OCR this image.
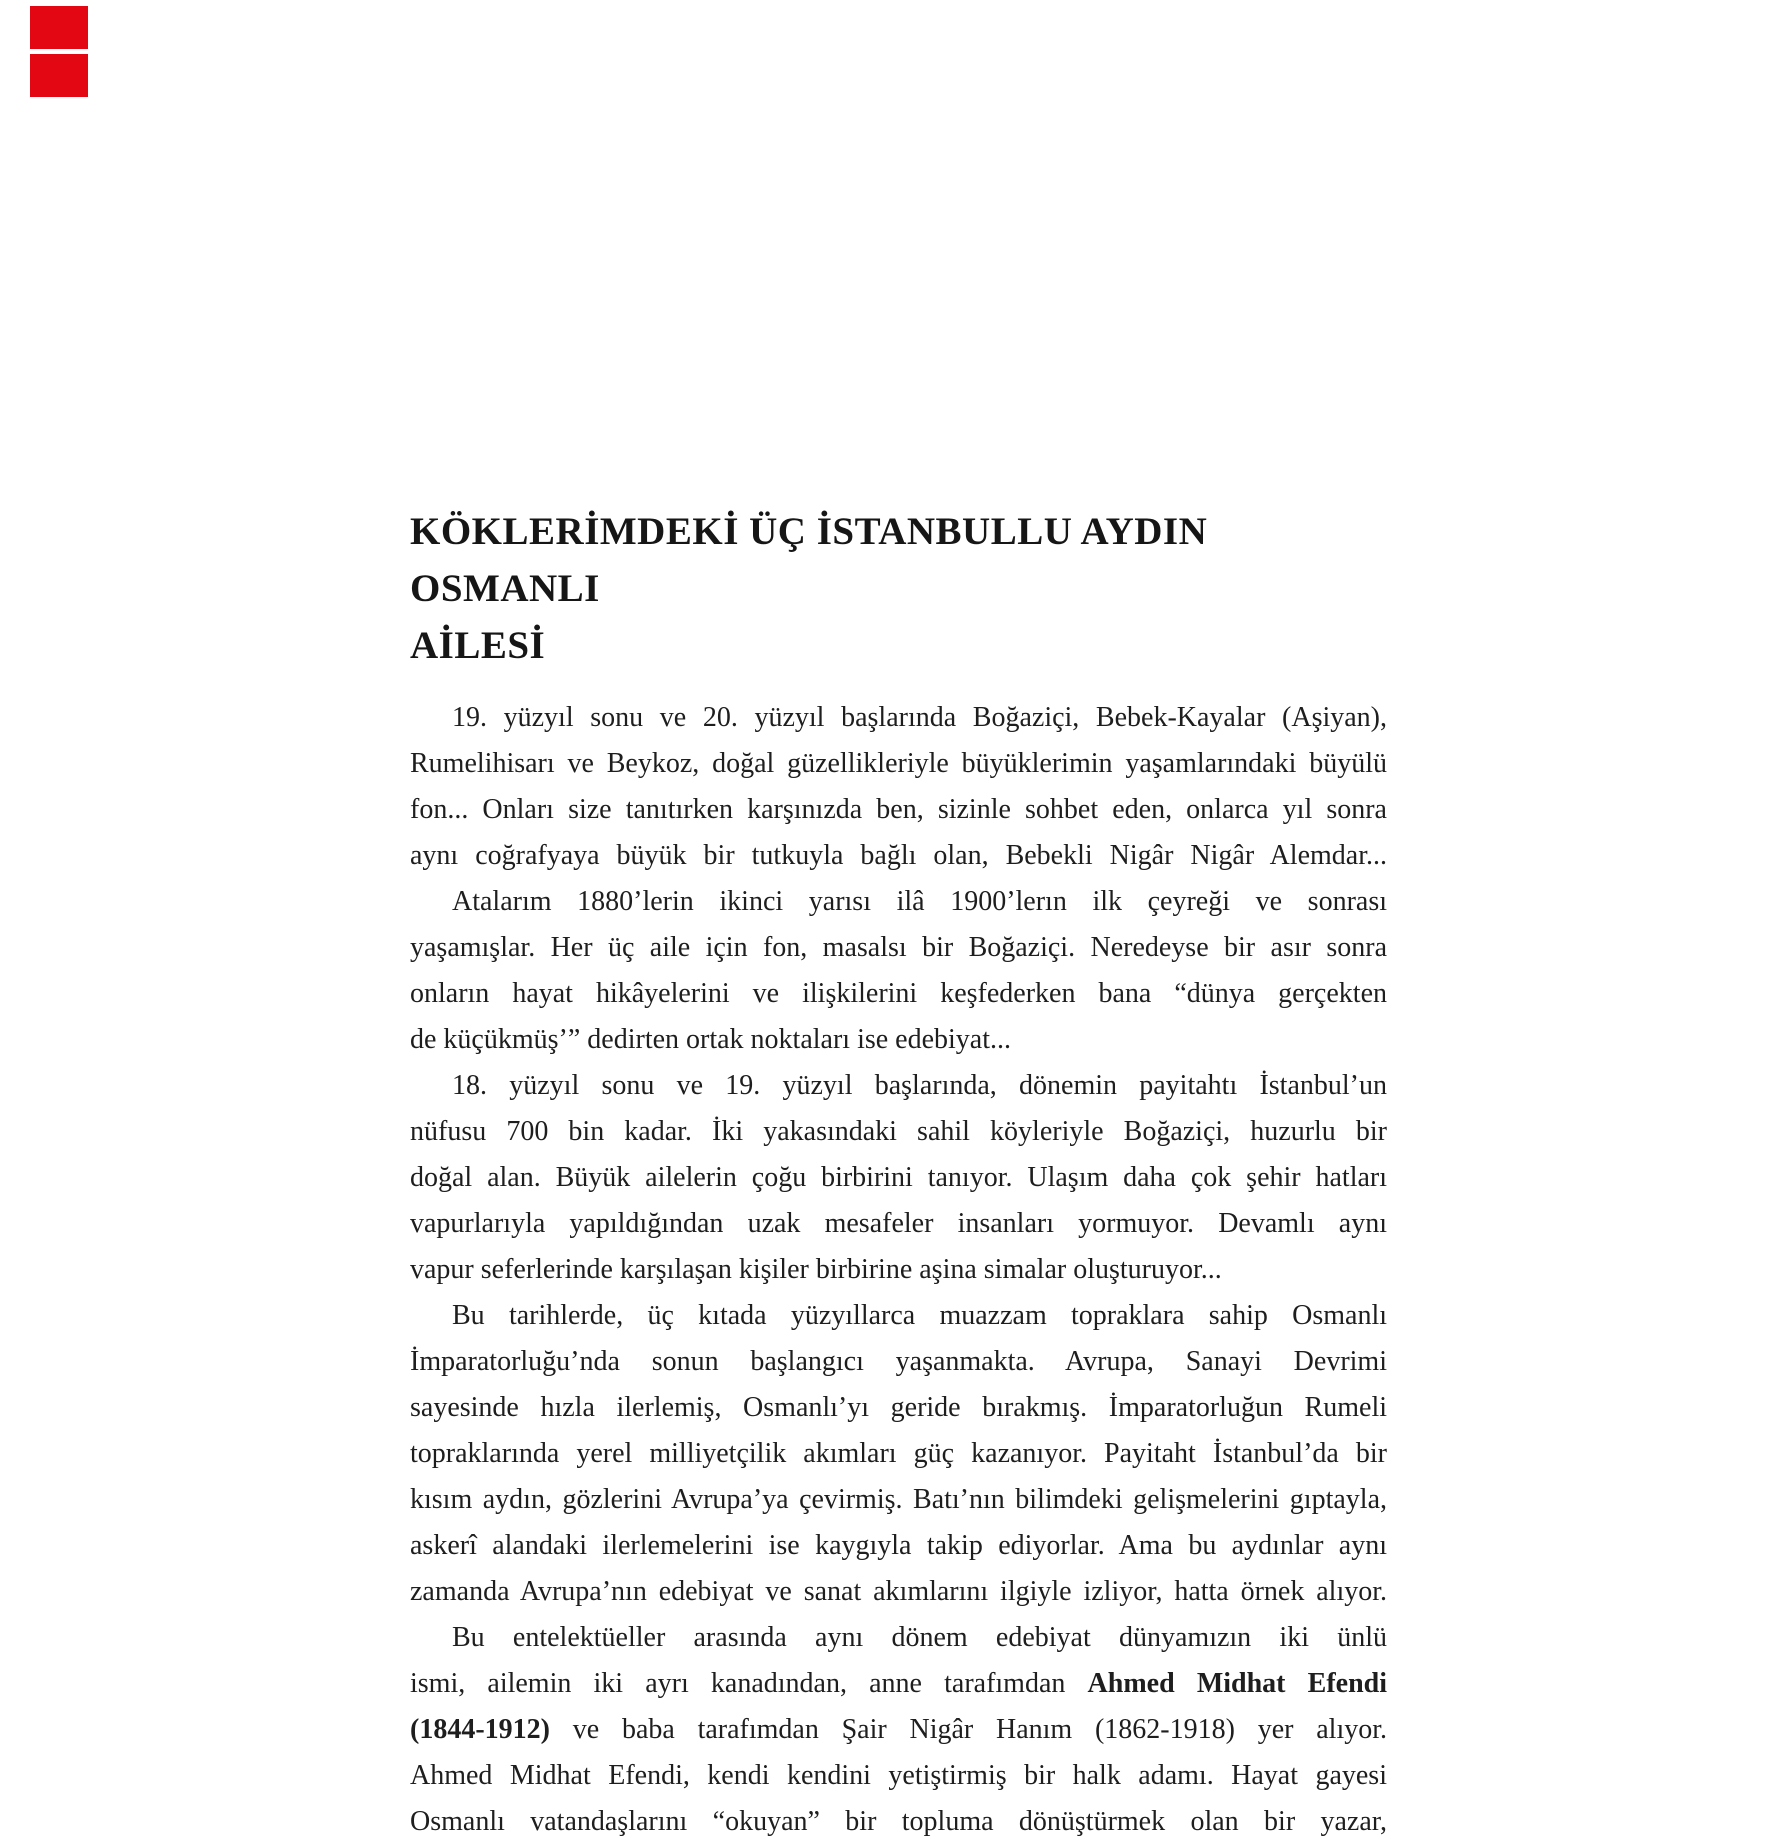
KÖKLERİMDEKİ ÜÇ İSTANBULLU AYDIN OSMANLI
AİLESİ
19. yüzyıl sonu ve 20. yüzyıl başlarında Boğaziçi, Bebek-Kayalar (Aşiyan),
Rumelihisarı ve Beykoz, doğal güzellikleriyle büyüklerimin yaşamlarındaki büyülü
fon... Onları size tanıtırken karşınızda ben, sizinle sohbet eden, onlarca yıl sonra
aynı coğrafyaya büyük bir tutkuyla bağlı olan, Bebekli Nigâr Nigâr Alemdar...
Atalarım 1880’lerin ikinci yarısı ilâ 1900’lerın ilk çeyreği ve sonrası
yaşamışlar. Her üç aile için fon, masalsı bir Boğaziçi. Neredeyse bir asır sonra
onların hayat hikâyelerini ve ilişkilerini keşfederken bana “dünya gerçekten
de küçükmüş’” dedirten ortak noktaları ise edebiyat...
18. yüzyıl sonu ve 19. yüzyıl başlarında, dönemin payitahtı İstanbul’un
nüfusu 700 bin kadar. İki yakasındaki sahil köyleriyle Boğaziçi, huzurlu bir
doğal alan. Büyük ailelerin çoğu birbirini tanıyor. Ulaşım daha çok şehir hatları
vapurlarıyla yapıldığından uzak mesafeler insanları yormuyor. Devamlı aynı
vapur seferlerinde karşılaşan kişiler birbirine aşina simalar oluşturuyor...
Bu tarihlerde, üç kıtada yüzyıllarca muazzam topraklara sahip Osmanlı
İmparatorluğu’nda sonun başlangıcı yaşanmakta. Avrupa, Sanayi Devrimi
sayesinde hızla ilerlemiş, Osmanlı’yı geride bırakmış. İmparatorluğun Rumeli
topraklarında yerel milliyetçilik akımları güç kazanıyor. Payitaht İstanbul’da bir
kısım aydın, gözlerini Avrupa’ya çevirmiş. Batı’nın bilimdeki gelişmelerini gıptayla,
askerî alandaki ilerlemelerini ise kaygıyla takip ediyorlar. Ama bu aydınlar aynı
zamanda Avrupa’nın edebiyat ve sanat akımlarını ilgiyle izliyor, hatta örnek alıyor.
Bu entelektüeller arasında aynı dönem edebiyat dünyamızın iki ünlü
ismi, ailemin iki ayrı kanadından, anne tarafımdan Ahmed Midhat Efendi
(1844-1912) ve baba tarafımdan Şair Nigâr Hanım (1862-1918) yer alıyor.
Ahmed Midhat Efendi, kendi kendini yetiştirmiş bir halk adamı. Hayat gayesi
Osmanlı vatandaşlarını “okuyan” bir topluma dönüştürmek olan bir yazar,
